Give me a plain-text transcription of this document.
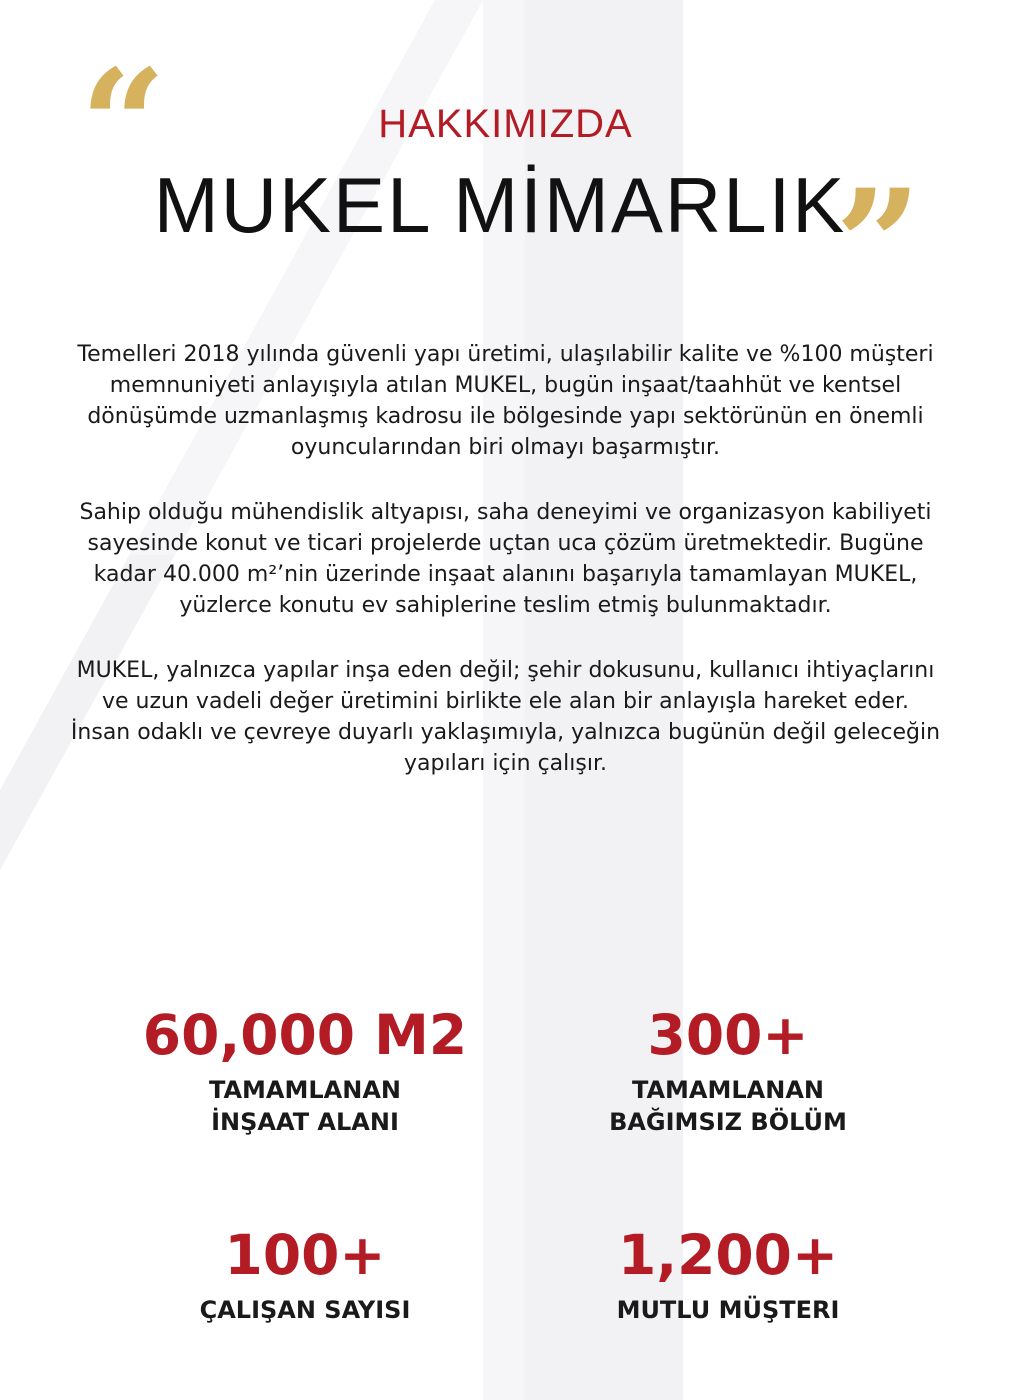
“
”
HAKKIMIZDA
MUKEL MİMARLIK

Temelleri 2018 yılında güvenli yapı üretimi, ulaşılabilir kalite ve %100 müşteri memnuniyeti anlayışıyla atılan MUKEL, bugün inşaat/taahhüt ve kentsel dönüşümde uzmanlaşmış kadrosu ile bölgesinde yapı sektörünün en önemli oyuncularından biri olmayı başarmıştır.

Sahip olduğu mühendislik altyapısı, saha deneyimi ve organizasyon kabiliyeti sayesinde konut ve ticari projelerde uçtan uca çözüm üretmektedir. Bugüne kadar 40.000 m²’nin üzerinde inşaat alanını başarıyla tamamlayan MUKEL, yüzlerce konutu ev sahiplerine teslim etmiş bulunmaktadır.

MUKEL, yalnızca yapılar inşa eden değil; şehir dokusunu, kullanıcı ihtiyaçlarını ve uzun vadeli değer üretimini birlikte ele alan bir anlayışla hareket eder. İnsan odaklı ve çevreye duyarlı yaklaşımıyla, yalnızca bugünün değil geleceğin yapıları için çalışır.

60,000 M2
TAMAMLANAN
İNŞAAT ALANI
300+
TAMAMLANAN
BAĞIMSIZ BÖLÜM
100+
ÇALIŞAN SAYISI
1,200+
MUTLU MÜŞTERI
